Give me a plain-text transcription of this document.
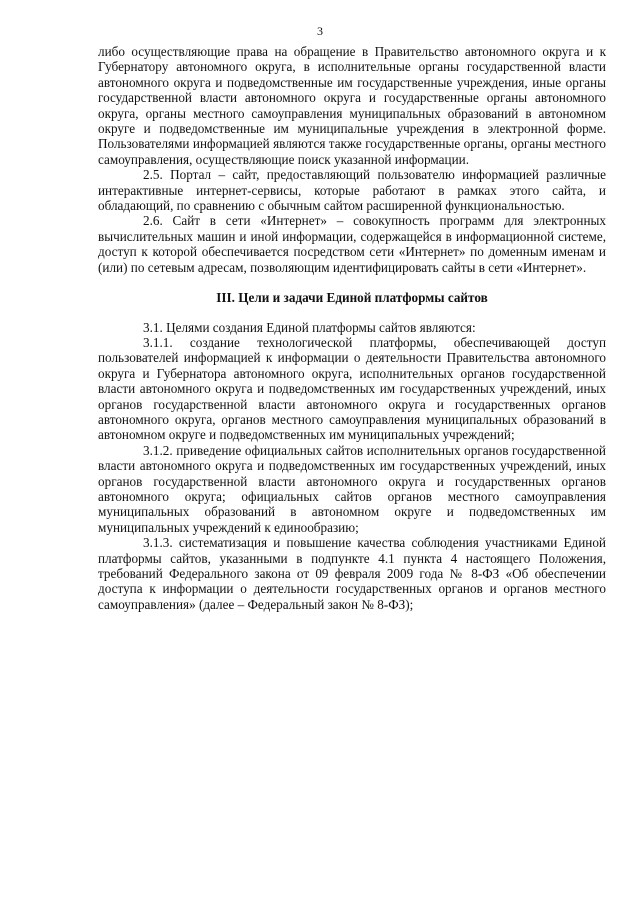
3

либо осуществляющие права на обращение в Правительство автономного округа и к Губернатору автономного округа, в исполнительные органы государственной власти автономного округа и подведомственные им государственные учреждения, иные органы государственной власти автономного округа и государственные органы автономного округа, органы местного самоуправления муниципальных образований в автономном округе и подведомственные им муниципальные учреждения в электронной форме. Пользователями информацией являются также государственные органы, органы местного самоуправления, осуществляющие поиск указанной информации.

2.5. Портал – сайт, предоставляющий пользователю информацией различные интерактивные интернет-сервисы, которые работают в рамках этого сайта, и обладающий, по сравнению с обычным сайтом расширенной функциональностью.

2.6. Сайт в сети «Интернет» – совокупность программ для электронных вычислительных машин и иной информации, содержащейся в информационной системе, доступ к которой обеспечивается посредством сети «Интернет» по доменным именам и (или) по сетевым адресам, позволяющим идентифицировать сайты в сети «Интернет».

III. Цели и задачи Единой платформы сайтов

3.1. Целями создания Единой платформы сайтов являются:

3.1.1. создание технологической платформы, обеспечивающей доступ пользователей информацией к информации о деятельности Правительства автономного округа и Губернатора автономного округа, исполнительных органов государственной власти автономного округа и подведомственных им государственных учреждений, иных органов государственной власти автономного округа и государственных органов автономного округа, органов местного самоуправления муниципальных образований в автономном округе и подведомственных им муниципальных учреждений;

3.1.2. приведение официальных сайтов исполнительных органов государственной власти автономного округа и подведомственных им государственных учреждений, иных органов государственной власти автономного округа и государственных органов автономного округа; официальных сайтов органов местного самоуправления муниципальных образований в автономном округе и подведомственных им муниципальных учреждений к единообразию;

3.1.3. систематизация и повышение качества соблюдения участниками Единой платформы сайтов, указанными в подпункте 4.1 пункта 4 настоящего Положения, требований Федерального закона от 09 февраля 2009 года № 8-ФЗ «Об обеспечении доступа к информации о деятельности государственных органов и органов местного самоуправления» (далее – Федеральный закон № 8-ФЗ);
